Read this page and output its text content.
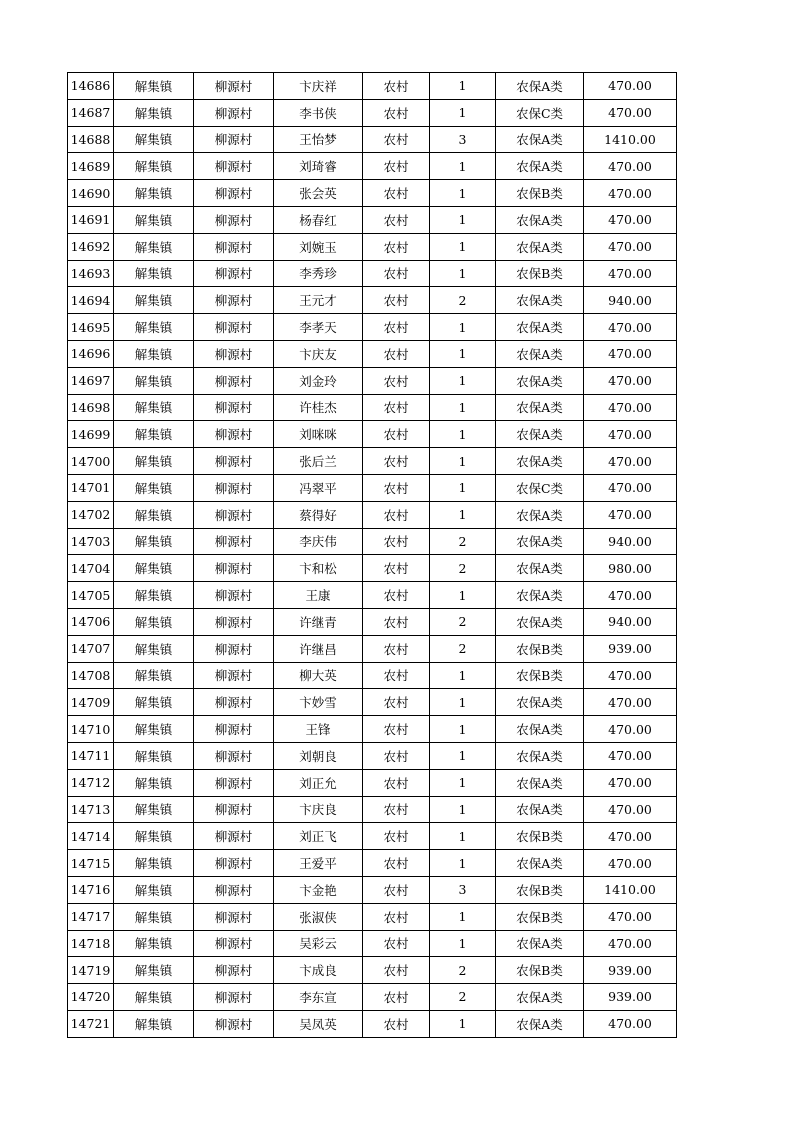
14686	解集镇	柳源村	卞庆祥	农村	1	农保A类	470.00
14687	解集镇	柳源村	李书侠	农村	1	农保C类	470.00
14688	解集镇	柳源村	王怡梦	农村	3	农保A类	1410.00
14689	解集镇	柳源村	刘琦睿	农村	1	农保A类	470.00
14690	解集镇	柳源村	张会英	农村	1	农保B类	470.00
14691	解集镇	柳源村	杨春红	农村	1	农保A类	470.00
14692	解集镇	柳源村	刘婉玉	农村	1	农保A类	470.00
14693	解集镇	柳源村	李秀珍	农村	1	农保B类	470.00
14694	解集镇	柳源村	王元才	农村	2	农保A类	940.00
14695	解集镇	柳源村	李孝天	农村	1	农保A类	470.00
14696	解集镇	柳源村	卞庆友	农村	1	农保A类	470.00
14697	解集镇	柳源村	刘金玲	农村	1	农保A类	470.00
14698	解集镇	柳源村	许桂杰	农村	1	农保A类	470.00
14699	解集镇	柳源村	刘咪咪	农村	1	农保A类	470.00
14700	解集镇	柳源村	张后兰	农村	1	农保A类	470.00
14701	解集镇	柳源村	冯翠平	农村	1	农保C类	470.00
14702	解集镇	柳源村	蔡得好	农村	1	农保A类	470.00
14703	解集镇	柳源村	李庆伟	农村	2	农保A类	940.00
14704	解集镇	柳源村	卞和松	农村	2	农保A类	980.00
14705	解集镇	柳源村	王康	农村	1	农保A类	470.00
14706	解集镇	柳源村	许继青	农村	2	农保A类	940.00
14707	解集镇	柳源村	许继昌	农村	2	农保B类	939.00
14708	解集镇	柳源村	柳大英	农村	1	农保B类	470.00
14709	解集镇	柳源村	卞妙雪	农村	1	农保A类	470.00
14710	解集镇	柳源村	王锋	农村	1	农保A类	470.00
14711	解集镇	柳源村	刘朝良	农村	1	农保A类	470.00
14712	解集镇	柳源村	刘正允	农村	1	农保A类	470.00
14713	解集镇	柳源村	卞庆良	农村	1	农保A类	470.00
14714	解集镇	柳源村	刘正飞	农村	1	农保B类	470.00
14715	解集镇	柳源村	王爱平	农村	1	农保A类	470.00
14716	解集镇	柳源村	卞金艳	农村	3	农保B类	1410.00
14717	解集镇	柳源村	张淑侠	农村	1	农保B类	470.00
14718	解集镇	柳源村	吴彩云	农村	1	农保A类	470.00
14719	解集镇	柳源村	卞成良	农村	2	农保B类	939.00
14720	解集镇	柳源村	李东宣	农村	2	农保A类	939.00
14721	解集镇	柳源村	吴凤英	农村	1	农保A类	470.00
